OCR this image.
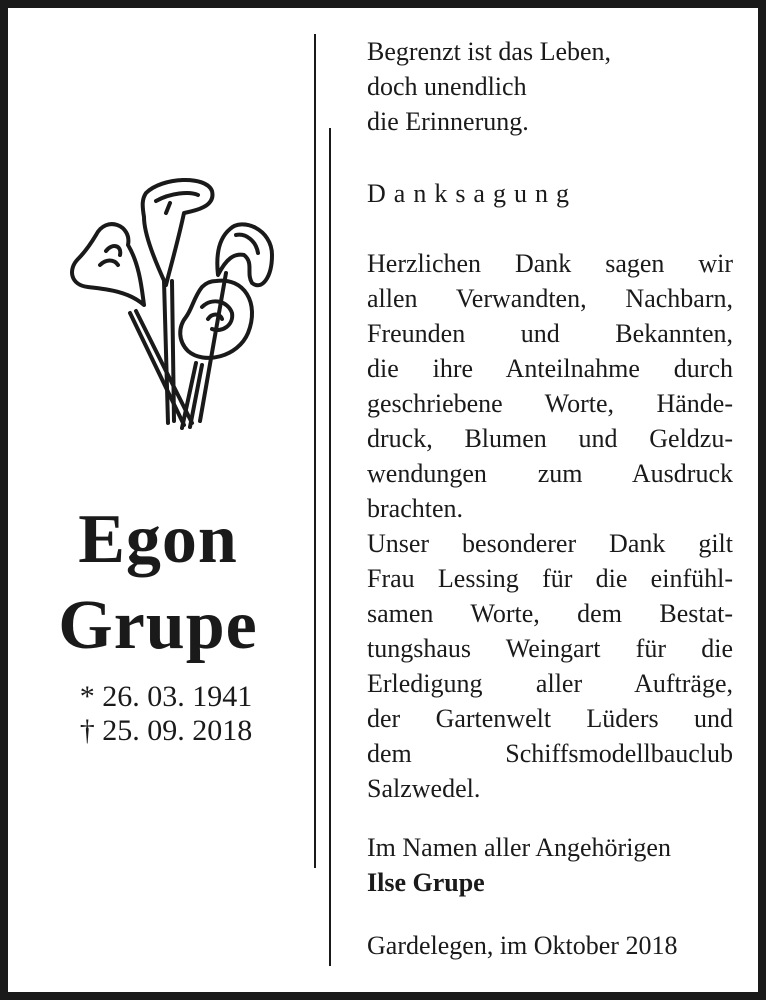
Egon
Grupe
* 26. 03. 1941
† 25. 09. 2018
Begrenzt ist das Leben,
doch unendlich
die Erinnerung.
Danksagung
Herzlichen Dank sagen wir
allen Verwandten, Nachbarn,
Freunden und Bekannten,
die ihre Anteilnahme durch
geschriebene Worte, Hände-
druck, Blumen und Geldzu-
wendungen zum Ausdruck
brachten.
Unser besonderer Dank gilt
Frau Lessing für die einfühl-
samen Worte, dem Bestat-
tungshaus Weingart für die
Erledigung aller Aufträge,
der Gartenwelt Lüders und
dem Schiffsmodellbauclub
Salzwedel.
Im Namen aller Angehörigen
Ilse Grupe
Gardelegen, im Oktober 2018
